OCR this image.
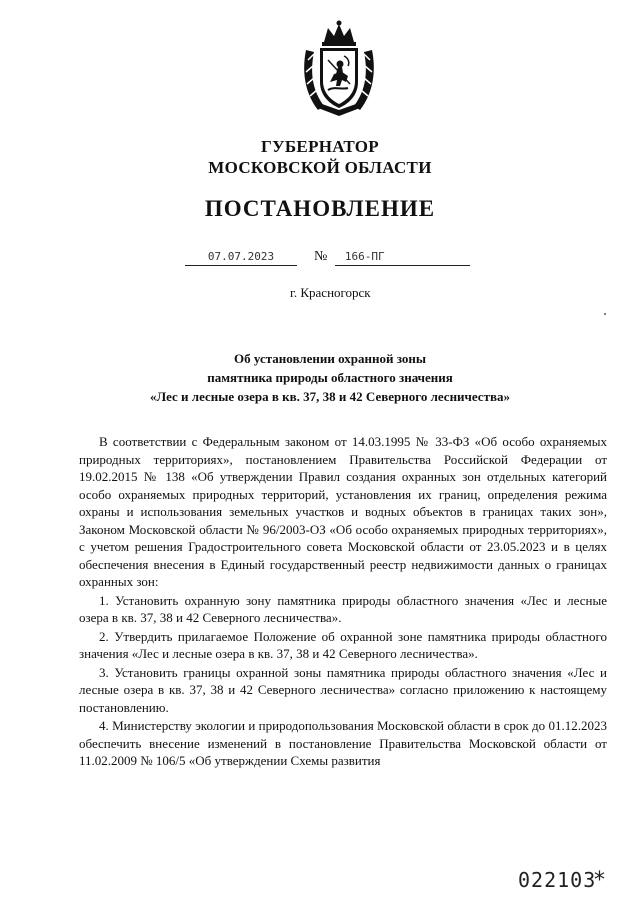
ГУБЕРНАТОР
МОСКОВСКОЙ ОБЛАСТИ
ПОСТАНОВЛЕНИЕ
07.07.2023	№ 166-ПГ
г. Красногорск
Об установлении охранной зоны
памятника природы областного значения
«Лес и лесные озера в кв. 37, 38 и 42 Северного лесничества»

В соответствии с Федеральным законом от 14.03.1995 № 33-ФЗ «Об особо охраняемых природных территориях», постановлением Правительства Российской Федерации от 19.02.2015 № 138 «Об утверждении Правил создания охранных зон отдельных категорий особо охраняемых природных территорий, установления их границ, определения режима охраны и использования земельных участков и водных объектов в границах таких зон», Законом Московской области № 96/2003-ОЗ «Об особо охраняемых природных территориях», с учетом решения Градостроительного совета Московской области от 23.05.2023 и в целях обеспечения внесения в Единый государственный реестр недвижимости данных о границах охранных зон:

1. Установить охранную зону памятника природы областного значения «Лес и лесные озера в кв. 37, 38 и 42 Северного лесничества».

2. Утвердить прилагаемое Положение об охранной зоне памятника природы областного значения «Лес и лесные озера в кв. 37, 38 и 42 Северного лесничества».

3. Установить границы охранной зоны памятника природы областного значения «Лес и лесные озера в кв. 37, 38 и 42 Северного лесничества» согласно приложению к настоящему постановлению.

4. Министерству экологии и природопользования Московской области в срок до 01.12.2023 обеспечить внесение изменений в постановление Правительства Московской области от 11.02.2009 № 106/5 «Об утверждении Схемы развития

022103
*
